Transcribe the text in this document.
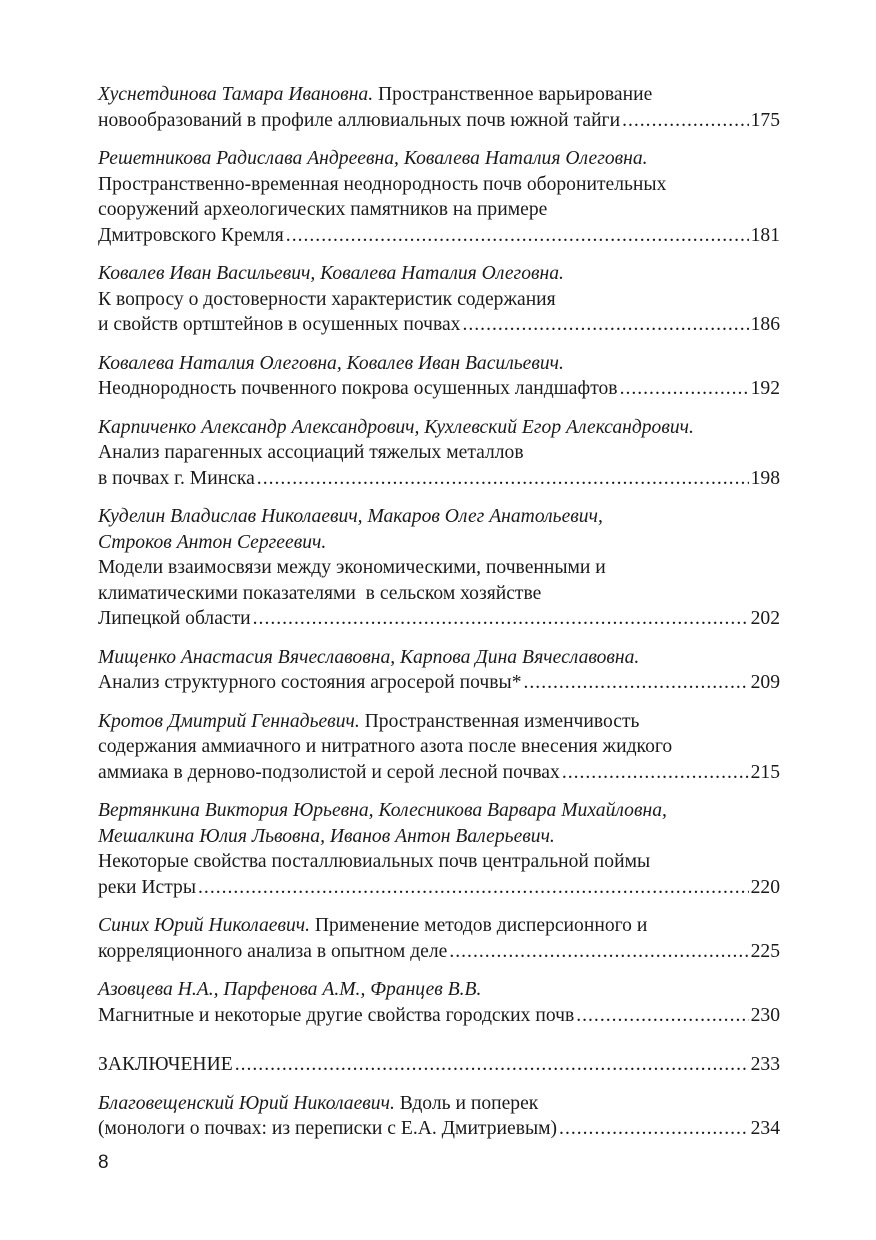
Хуснетдинова Тамара Ивановна. Пространственное варьирование
новообразований в профиле аллювиальных почв южной тайги .....	175
Решетникова Радислава Андреевна, Ковалева Наталия Олеговна.
Пространственно-временная неоднородность почв оборонительных
сооружений археологических памятников на примере
Дмитровского Кремля .....	181
Ковалев Иван Васильевич, Ковалева Наталия Олеговна.
К вопросу о достоверности характеристик содержания
и свойств ортштейнов в осушенных почвах .....	186
Ковалева Наталия Олеговна, Ковалев Иван Васильевич.
Неоднородность почвенного покрова осушенных ландшафтов .....	192
Карпиченко Александр Александрович, Кухлевский Егор Александрович.
Анализ парагенных ассоциаций тяжелых металлов
в почвах г. Минска .....	198
Куделин Владислав Николаевич, Макаров Олег Анатольевич,
Строков Антон Сергеевич.
Модели взаимосвязи между экономическими, почвенными и
климатическими показателями  в сельском хозяйстве
Липецкой области .....	202
Мищенко Анастасия Вячеславовна, Карпова Дина Вячеславовна.
Анализ структурного состояния агросерой почвы* .....	209
Кротов Дмитрий Геннадьевич. Пространственная изменчивость
содержания аммиачного и нитратного азота после внесения жидкого
аммиака в дерново-подзолистой и серой лесной почвах .....	215
Вертянкина Виктория Юрьевна, Колесникова Варвара Михайловна,
Мешалкина Юлия Львовна, Иванов Антон Валерьевич.
Некоторые свойства посталлювиальных почв центральной поймы
реки Истры .....	220
Синих Юрий Николаевич. Применение методов дисперсионного и
корреляционного анализа в опытном деле .....	225
Азовцева Н.А., Парфенова А.М., Францев В.В.
Магнитные и некоторые другие свойства городских почв .....	230
ЗАКЛЮЧЕНИЕ .....	233
Благовещенский Юрий Николаевич. Вдоль и поперек
(монологи о почвах: из переписки с Е.А. Дмитриевым) .....	234
8
